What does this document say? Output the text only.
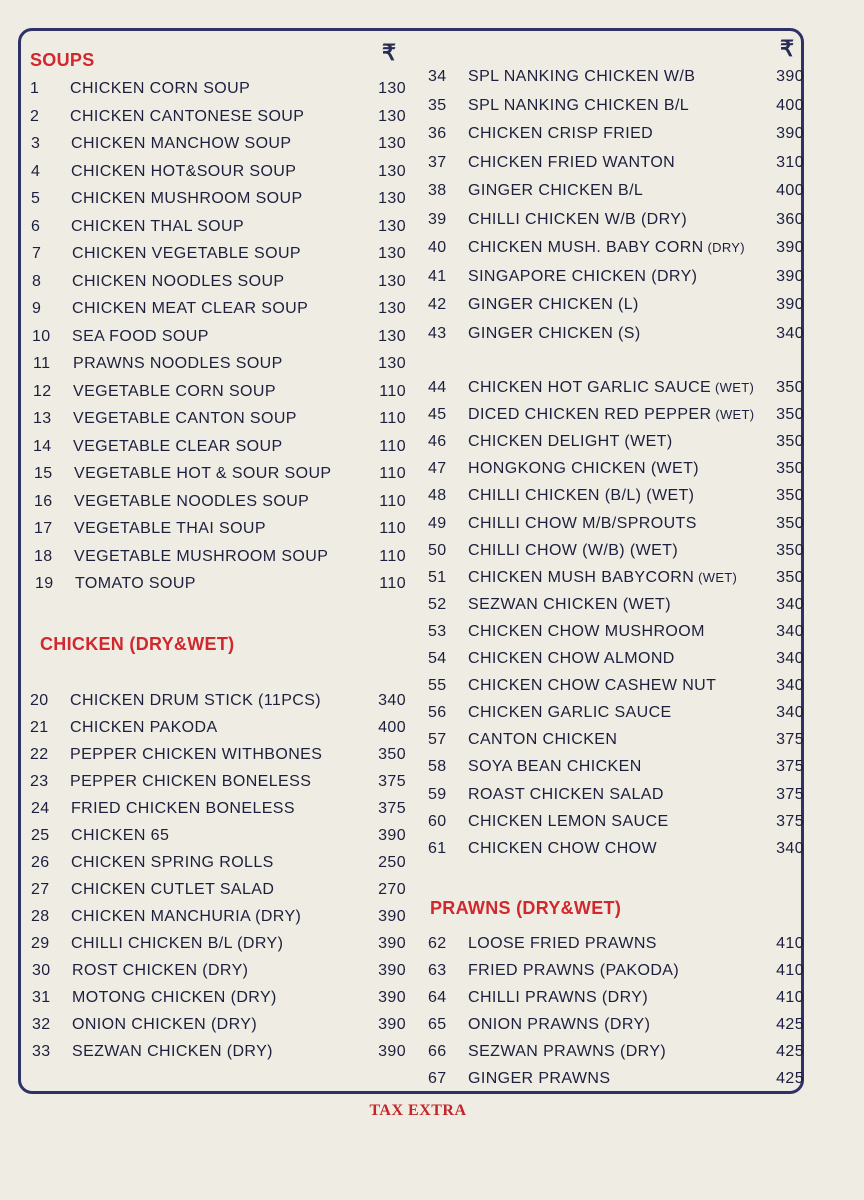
SOUPS	₹
1 CHICKEN CORN SOUP	130
2 CHICKEN CANTONESE SOUP	130
3 CHICKEN MANCHOW SOUP	130
4 CHICKEN HOT&SOUR SOUP	130
5 CHICKEN MUSHROOM SOUP	130
6 CHICKEN THAL SOUP	130
7 CHICKEN VEGETABLE SOUP	130
8 CHICKEN NOODLES SOUP	130
9 CHICKEN MEAT CLEAR SOUP	130
10 SEA FOOD SOUP	130
11 PRAWNS NOODLES SOUP	130
12 VEGETABLE CORN SOUP	110
13 VEGETABLE CANTON SOUP	110
14 VEGETABLE CLEAR SOUP	110
15 VEGETABLE HOT & SOUR SOUP	110
16 VEGETABLE NOODLES SOUP	110
17 VEGETABLE THAI SOUP	110
18 VEGETABLE MUSHROOM SOUP	110
19 TOMATO SOUP	110
CHICKEN (DRY&WET)
20 CHICKEN DRUM STICK (11PCS)	340
21 CHICKEN PAKODA	400
22 PEPPER CHICKEN WITHBONES	350
23 PEPPER CHICKEN BONELESS	375
24 FRIED CHICKEN BONELESS	375
25 CHICKEN 65	390
26 CHICKEN SPRING ROLLS	250
27 CHICKEN CUTLET SALAD	270
28 CHICKEN MANCHURIA (DRY)	390
29 CHILLI CHICKEN B/L (DRY)	390
30 ROST CHICKEN (DRY)	390
31 MOTONG CHICKEN (DRY)	390
32 ONION CHICKEN (DRY)	390
33 SEZWAN CHICKEN (DRY)	390
₹
34 SPL NANKING CHICKEN W/B	390
35 SPL NANKING CHICKEN B/L	400
36 CHICKEN CRISP FRIED	390
37 CHICKEN FRIED WANTON	310
38 GINGER CHICKEN B/L	400
39 CHILLI CHICKEN W/B (DRY)	360
40 CHICKEN MUSH. BABY CORN (DRY)	390
41 SINGAPORE CHICKEN (DRY)	390
42 GINGER CHICKEN (L)	390
43 GINGER CHICKEN (S)	340
44 CHICKEN HOT GARLIC SAUCE (WET)	350
45 DICED CHICKEN RED PEPPER (WET)	350
46 CHICKEN DELIGHT (WET)	350
47 HONGKONG CHICKEN (WET)	350
48 CHILLI CHICKEN (B/L) (WET)	350
49 CHILLI CHOW M/B/SPROUTS	350
50 CHILLI CHOW (W/B) (WET)	350
51 CHICKEN MUSH BABYCORN (WET)	350
52 SEZWAN CHICKEN (WET)	340
53 CHICKEN CHOW MUSHROOM	340
54 CHICKEN CHOW ALMOND	340
55 CHICKEN CHOW CASHEW NUT	340
56 CHICKEN GARLIC SAUCE	340
57 CANTON CHICKEN	375
58 SOYA BEAN CHICKEN	375
59 ROAST CHICKEN SALAD	375
60 CHICKEN LEMON SAUCE	375
61 CHICKEN CHOW CHOW	340
PRAWNS (DRY&WET)
62 LOOSE FRIED PRAWNS	410
63 FRIED PRAWNS (PAKODA)	410
64 CHILLI PRAWNS (DRY)	410
65 ONION PRAWNS (DRY)	425
66 SEZWAN PRAWNS (DRY)	425
67 GINGER PRAWNS	425
TAX EXTRA
